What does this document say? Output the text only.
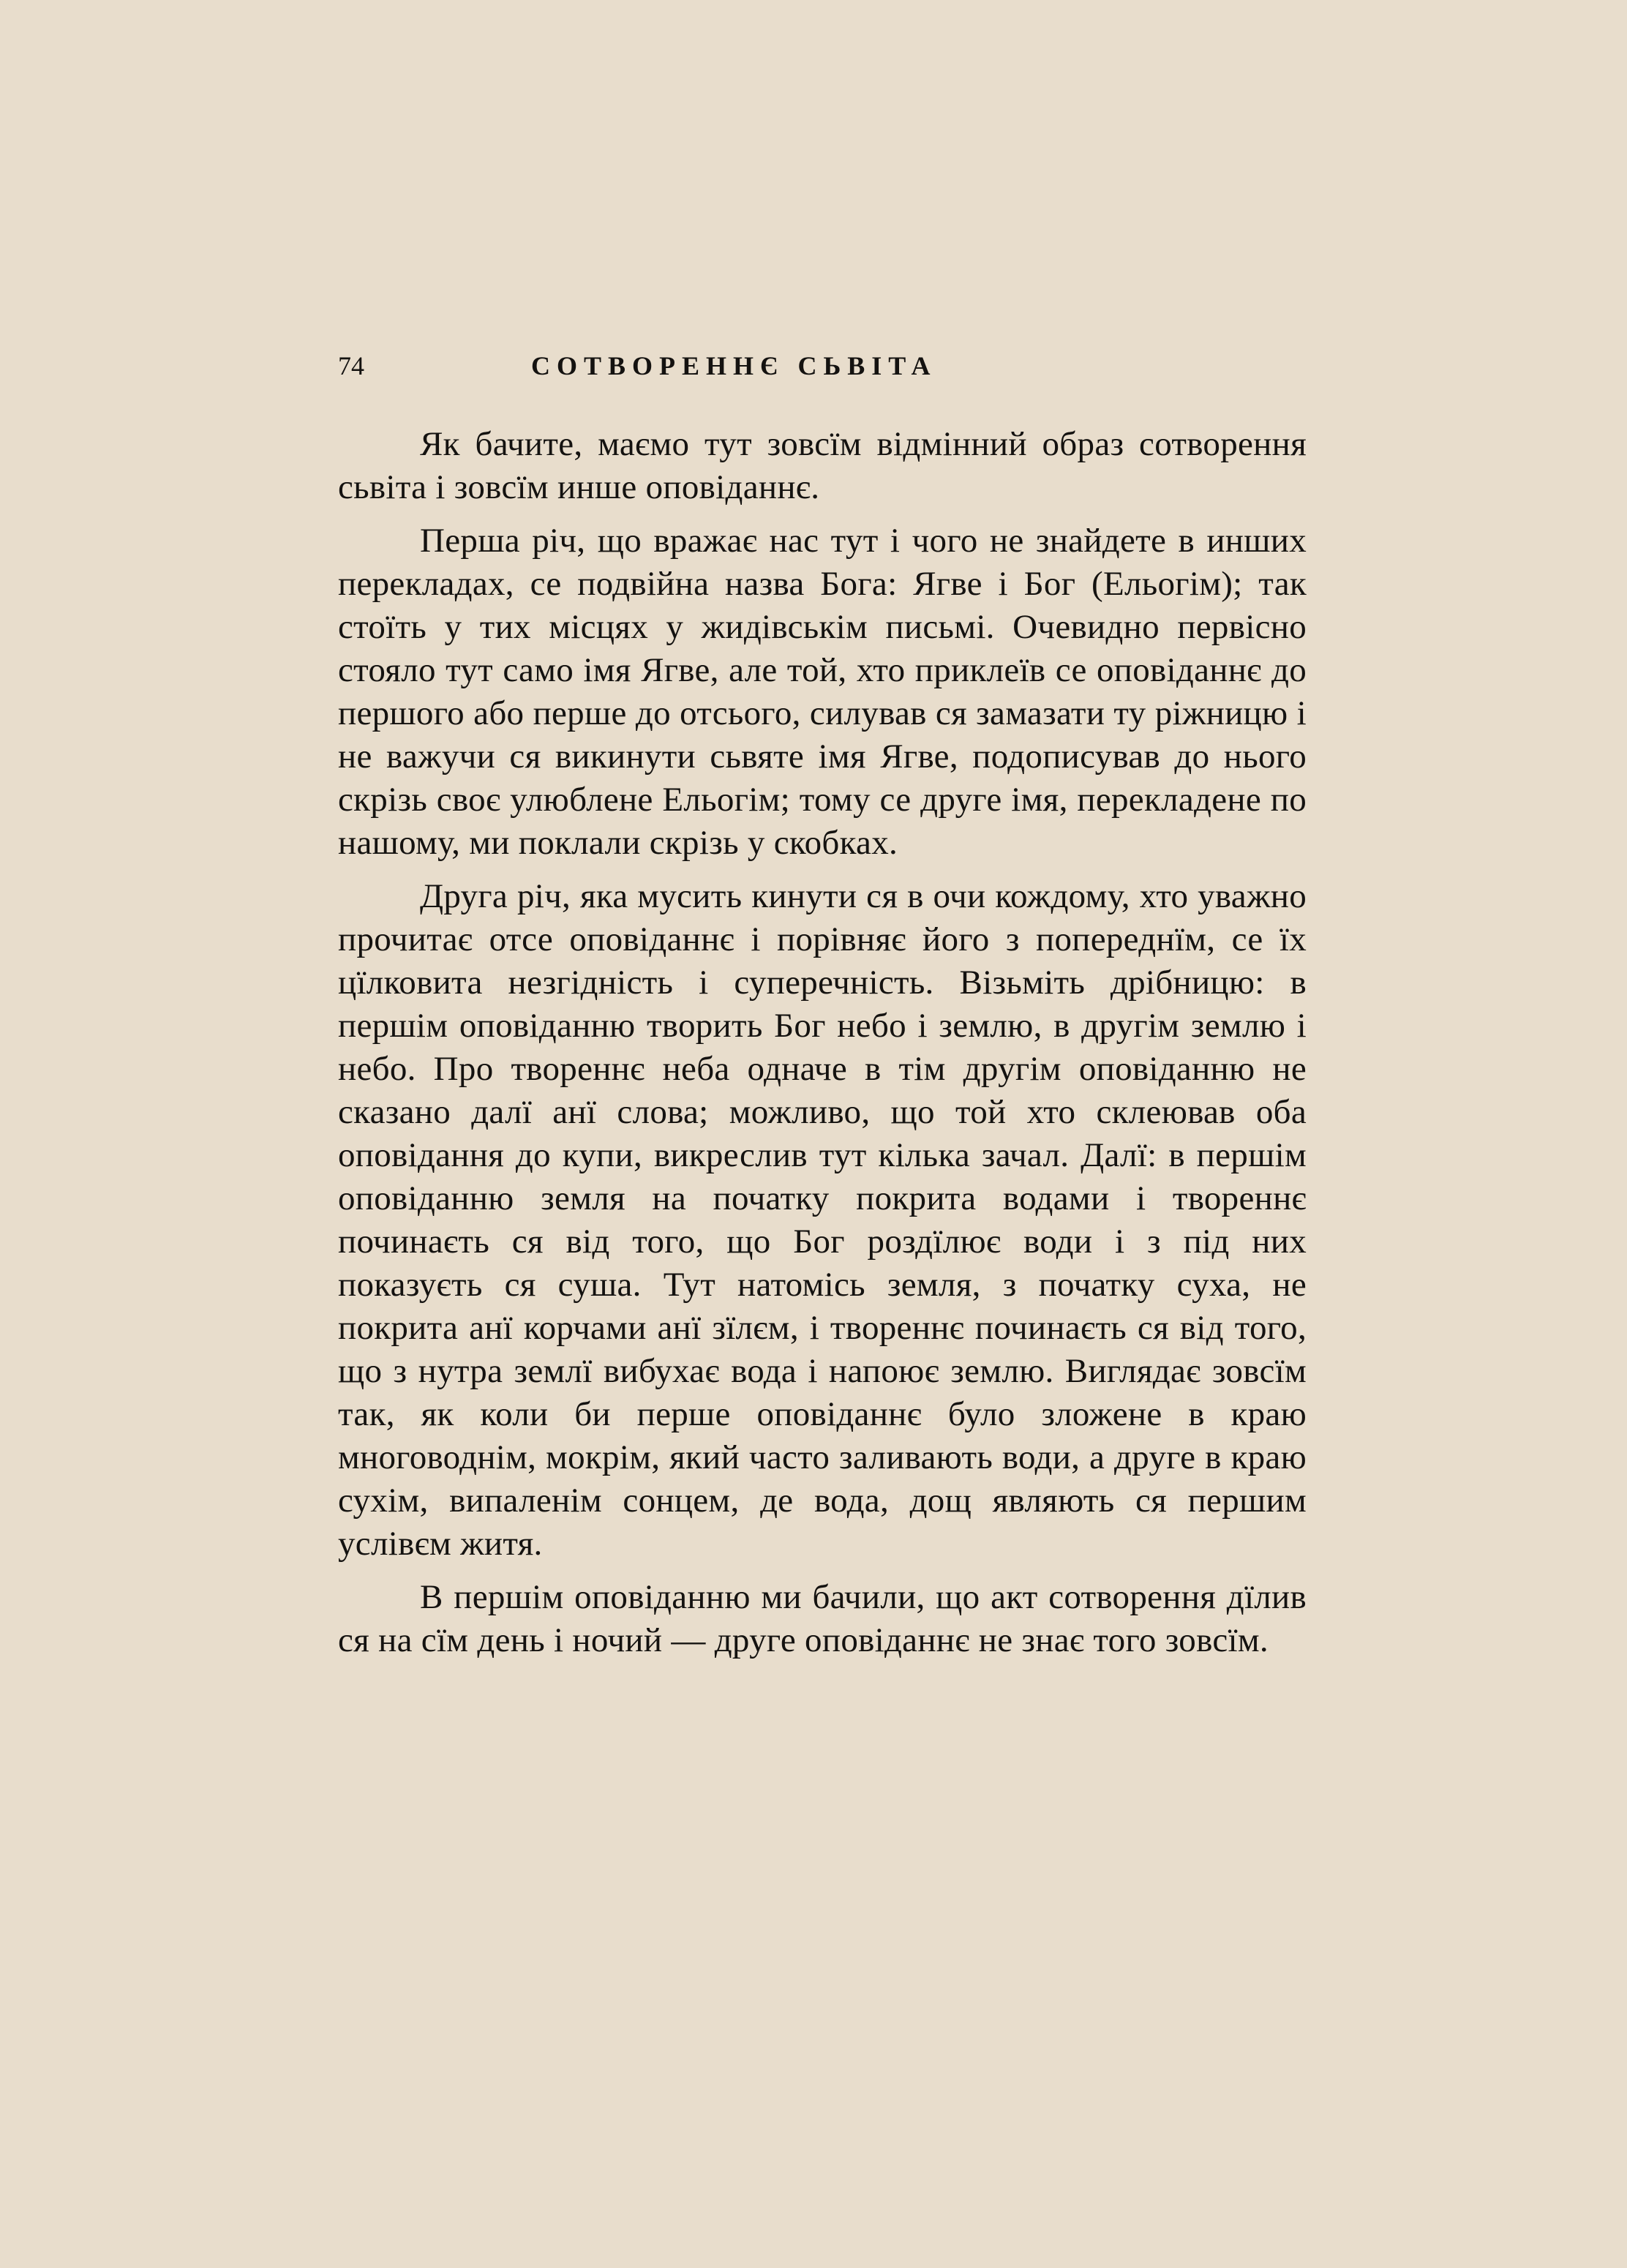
74	СОТВОРЕННЄ СЬВІТА

Як бачите, маємо тут зовсїм відмінний образ сотворення сьвіта і зовсїм инше оповіданнє.

Перша річ, що вражає нас тут і чого не знайдете в инших перекладах, се подвійна назва Бога: Ягве і Бог (Ельогім); так стоїть у тих місцях у жидівськім письмі. Очевидно первісно стояло тут само імя Ягве, але той, хто приклеїв се оповіданнє до першого або перше до отсього, силував ся замазати ту ріжницю і не важучи ся викинути сьвяте імя Ягве, подописував до нього скрізь своє улюблене Ельогім; тому се друге імя, перекладене по нашому, ми поклали скрізь у скобках.

Друга річ, яка мусить кинути ся в очи кождому, хто уважно прочитає отсе оповіданнє і порівняє його з попереднїм, се їх цїлковита незгідність і суперечність. Візьміть дрібницю: в першім оповіданню творить Бог небо і землю, в другім землю і небо. Про твореннє неба одначе в тім другім оповіданню не сказано далї анї слова; можливо, що той хто склеював оба оповідання до купи, викреслив тут кілька зачал. Далї: в першім оповіданню земля на початку покрита водами і твореннє починаєть ся від того, що Бог роздїлює води і з під них показуєть ся суша. Тут натомісь земля, з початку суха, не покрита анї корчами анї зїлєм, і твореннє починаєть ся від того, що з нутра землї вибухає вода і напоює землю. Виглядає зовсїм так, як коли би перше оповіданнє було зложене в краю многоводнім, мокрім, який часто заливають води, а друге в краю сухім, випаленім сонцем, де вода, дощ являють ся першим услівєм житя.

В першім оповіданню ми бачили, що акт сотворення дїлив ся на сїм день і ночий — друге оповіданнє не знає того зовсїм.
